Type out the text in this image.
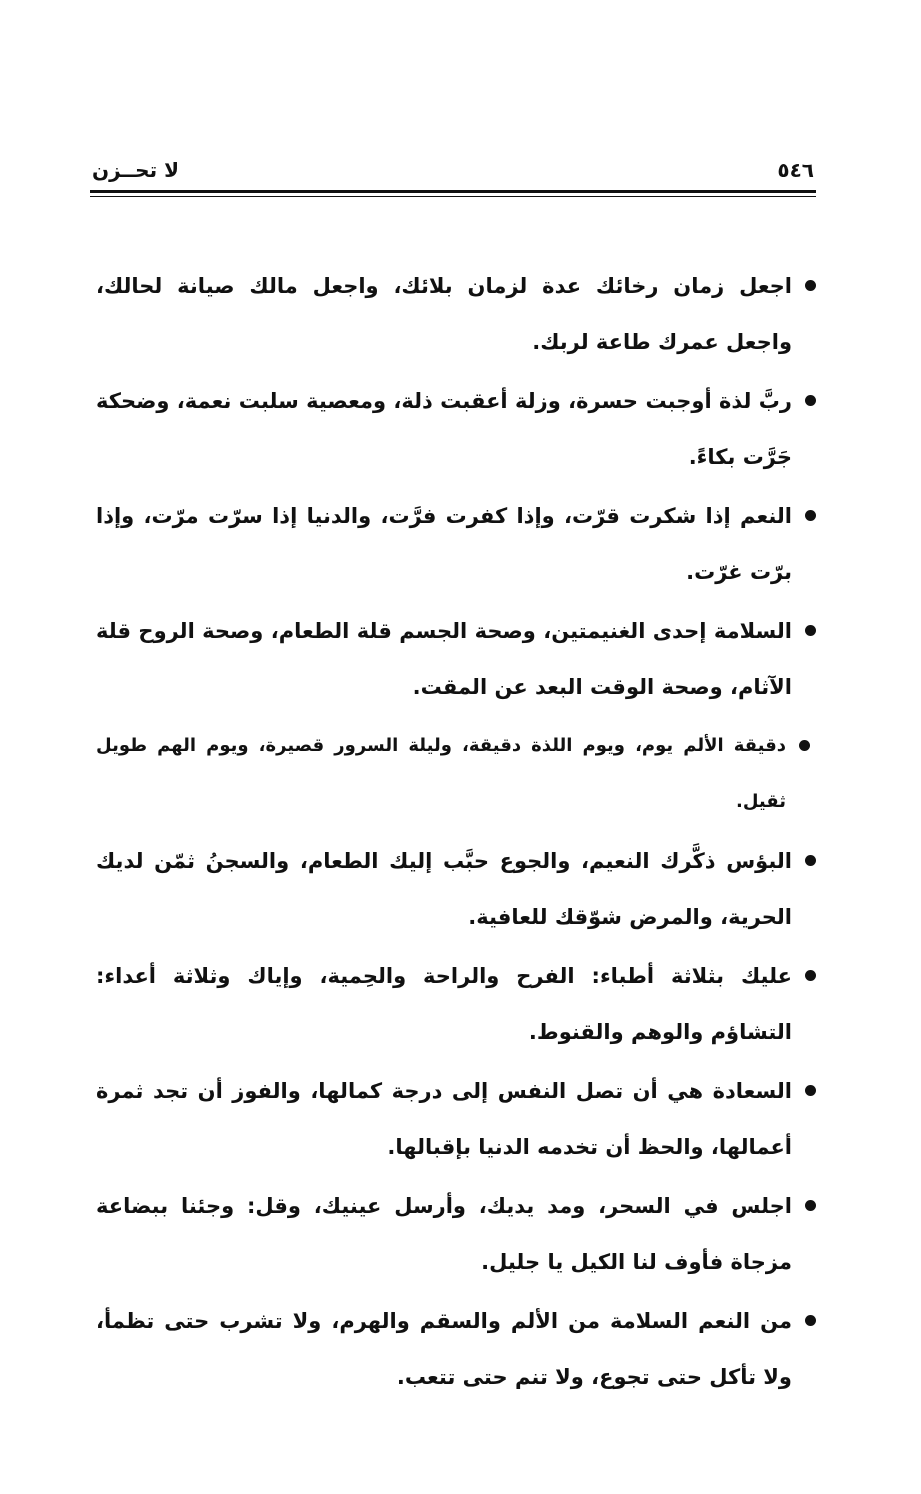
٥٤٦
لا تحــزن
اجعل زمان رخائك عدة لزمان بلائك، واجعل مالك صيانة لحالك، واجعل عمرك طاعة لربك.
ربَّ لذة أوجبت حسرة، وزلة أعقبت ذلة، ومعصية سلبت نعمة، وضحكة جَرَّت بكاءً.
النعم إذا شكرت قرّت، وإذا كفرت فرَّت، والدنيا إذا سرّت مرّت، وإذا برّت غرّت.
السلامة إحدى الغنيمتين، وصحة الجسم قلة الطعام، وصحة الروح قلة الآثام، وصحة الوقت البعد عن المقت.
دقيقة الألم يوم، ويوم اللذة دقيقة، وليلة السرور قصيرة، ويوم الهم طويل ثقيل.
البؤس ذكَّرك النعيم، والجوع حبَّب إليك الطعام، والسجنُ ثمّن لديك الحرية، والمرض شوّقك للعافية.
عليك بثلاثة أطباء: الفرح والراحة والحِمية، وإياك وثلاثة أعداء: التشاؤم والوهم والقنوط.
السعادة هي أن تصل النفس إلى درجة كمالها، والفوز أن تجد ثمرة أعمالها، والحظ أن تخدمه الدنيا بإقبالها.
اجلس في السحر، ومد يديك، وأرسل عينيك، وقل: وجئنا ببضاعة مزجاة فأوف لنا الكيل يا جليل.
من النعم السلامة من الألم والسقم والهرم، ولا تشرب حتى تظمأ، ولا تأكل حتى تجوع، ولا تنم حتى تتعب.
